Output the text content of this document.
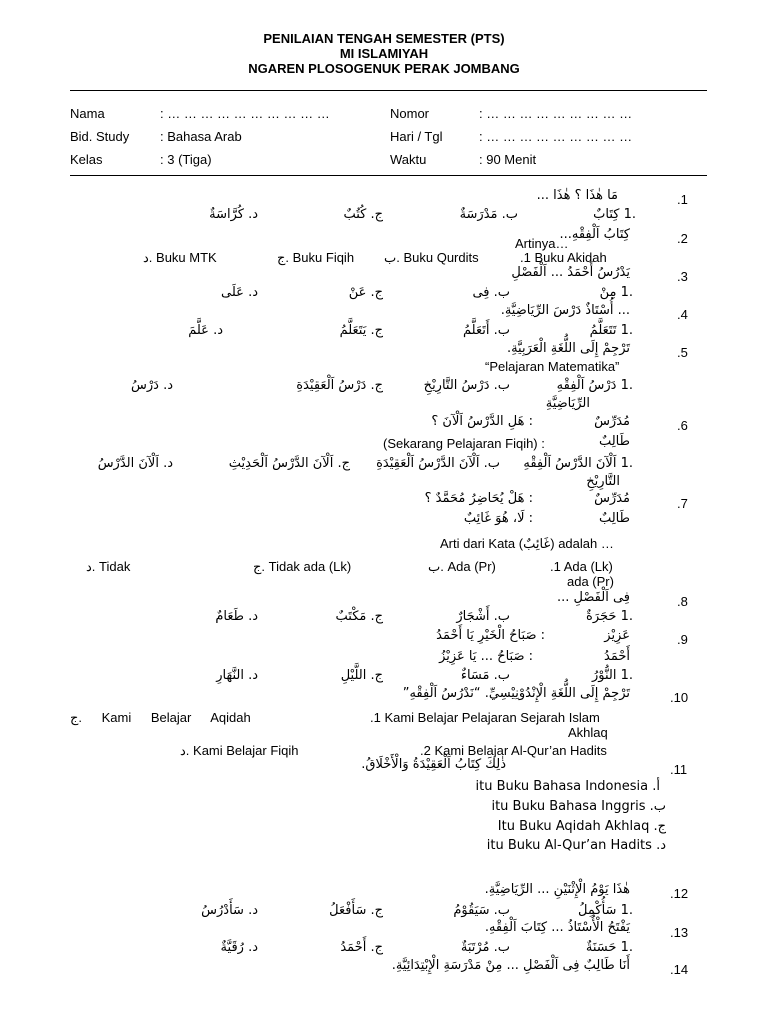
PENILAIAN TENGAH SEMESTER (PTS)
MI ISLAMIYAH
NGAREN PLOSOGENUK PERAK JOMBANG
Nama	: … … … … … … … … … …	Nomor	: … … … … … … … … …
Bid. Study : Bahasa Arab	Hari / Tgl	: … … … … … … … … …
Kelas	: 3 (Tiga)	Waktu	: 90 Menit
.1
مَا هٰذَا ؟ هٰذَا ...
.1 كِتَابٌ
ب. مَدْرَسَةٌ
ج. كُتُبٌ
د. كُرَّاسَةٌ
.2
كِتَابُ اَلْفِقْهِ...
Artinya…
.1 Buku Akidah
ب. Buku Qurdits
ج. Buku Fiqih
د. Buku MTK
.3
يَدْرُسُ أَحْمَدُ ... اَلْفَصْلِ
.1 مِنْ
ب. فِى
ج. عَنْ
د. عَلَى
.4
... أُسْتَاذٌ دَرْسَ الرِّيَاضِيَّةِ.
.1 تَتَعَلَّمُ
ب. أَتَعَلَّمُ
ج. يَتَعَلَّمُ
د. عَلَّمَ
.5
تَرْجِمْ إِلَى اللُّغَةِ الْعَرَبِيَّةِ.
“Pelajaran Matematika”
.1 دَرْسُ اَلْفِقْهِ
ب. دَرْسُ التَّارِيْخِ
ج. دَرْسُ اَلْعَقِيْدَةِ
د. دَرْسُ
الرِّيَاضِيَّةِ
.6
مُدَرِّسٌ
: هَلِ الدَّرْسُ اَلْآنَ ؟
طَالِبٌ
(Sekarang Pelajaran Fiqih) :
.1 اَلْآنَ الدَّرْسُ اَلْفِقْهِ
ب. اَلْآنَ الدَّرْسُ اَلْعَقِيْدَةِ
ج. اَلْآنَ الدَّرْسُ اَلْحَدِيْثِ
د. اَلْآنَ الدَّرْسُ
التَّارِيْخِ
.7
مُدَرِّسٌ
: هَلْ يُحَاضِرُ مُحَمَّدٌ ؟
طَالِبٌ
: لَا، هُوَ غَائِبٌ
Arti dari Kata (غَائِبٌ) adalah …
.1 Ada (Lk)
ada (Pr)
ب. Ada (Pr)
ج. Tidak ada (Lk)
د. Tidak
.8
فِى اَلْفَصْلِ ...
.1 حَجَرَةٌ
ب. أَشْجَارٌ
ج. مَكْتَبٌ
د. طَعَامٌ
.9
عَزِيْز
: صَبَاحُ الْخَيْرِ يَا أَحْمَدُ
أَحْمَدُ
: صَبَاحُ ... يَا عَزِيْزُ
.1 النُّوْرُ
ب. مَسَاءٌ
ج. اللَّيْلِ
د. النَّهَارِ
.10
تَرْجِمْ إِلَى اللُّغَةِ الْإِنْدُوْنِيْسِيِّ. “نَدْرُسُ اَلْفِقْهِ”
.1 Kami Belajar Pelajaran Sejarah Islam
Akhlaq
ج. Kami Belajar Aqidah
.2 Kami Belajar Al-Qur’an Hadits
د. Kami Belajar Fiqih
.11
ذٰلِكَ كِتَابُ اَلْعَقِيْدَةُ وَالْأَخْلَاقُ.
أ. itu Buku Bahasa Indonesia
ب. itu Buku Bahasa Inggris
ج. Itu Buku Aqidah Akhlaq
د. itu Buku Al-Qur’an Hadits
.12
هٰذَا يَوْمُ الْإِثْنَيْنِ ... الرِّيَاضِيَّةِ.
.1 سَأُكْمِلُ
ب. سَيَقُوْمُ
ج. سَأَفْعَلُ
د. سَأَدْرُسُ
.13
يَفْتَحُ الْأُسْتَاذُ ... كِتَابَ اَلْفِقْهِ.
.1 حَسَنَةٌ
ب. مُرْتَبَةٌ
ج. أَحْمَدُ
د. رُقَيَّةٌ
.14
أَنَا طَالِبٌ فِى اَلْفَصْلِ ... مِنْ مَدْرَسَةِ الْإِبْتِدَائِيَّةِ.
